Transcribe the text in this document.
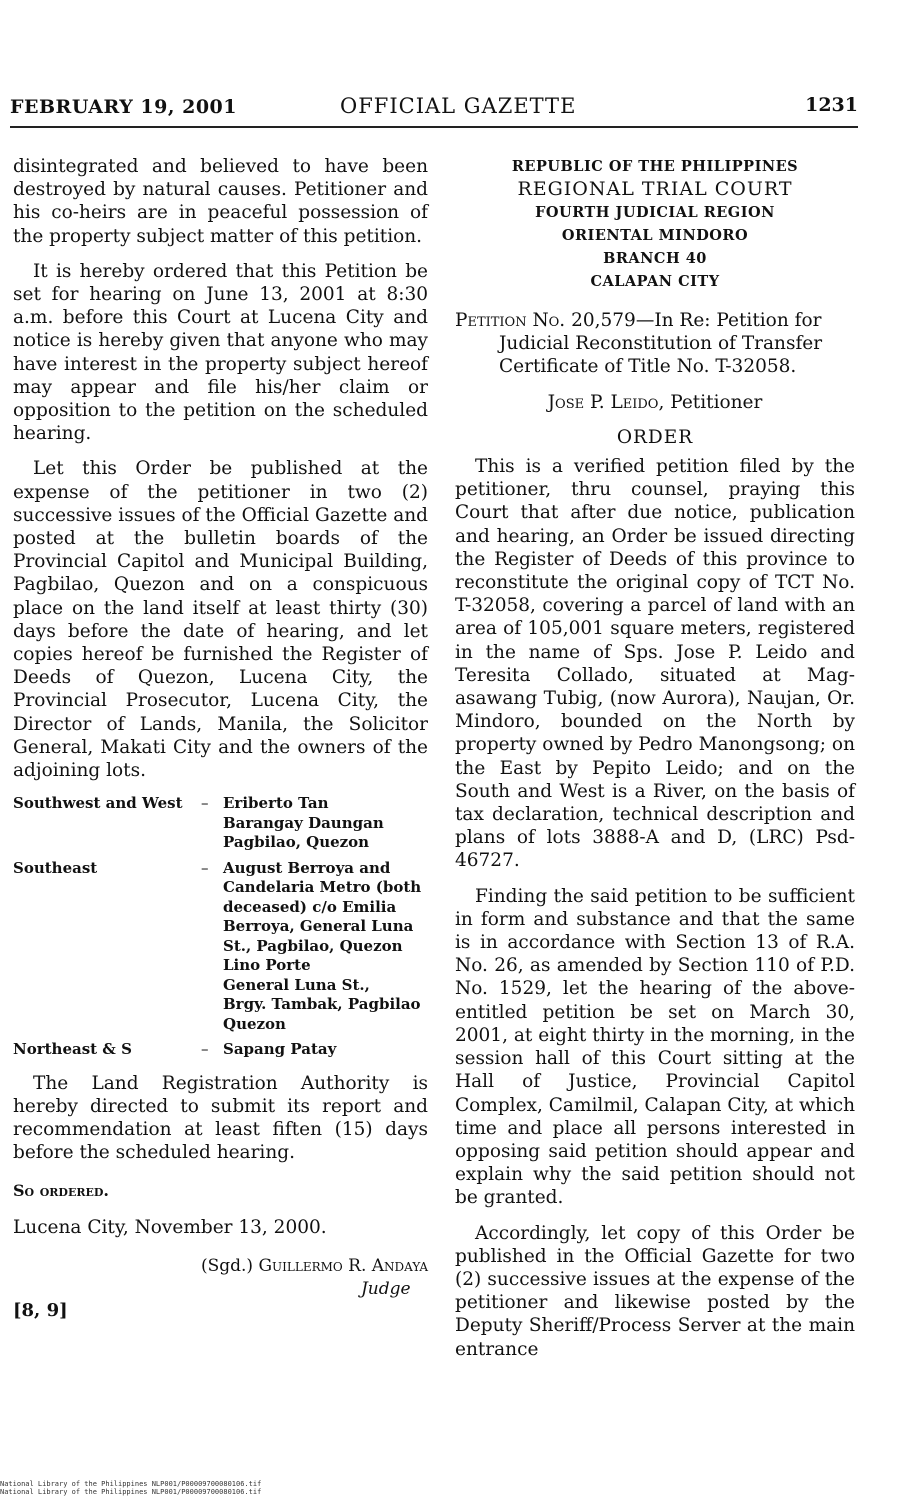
FEBRUARY 19, 2001	OFFICIAL GAZETTE	1231

disintegrated and believed to have been destroyed by natural causes. Petitioner and his co-heirs are in peaceful possession of the property subject matter of this petition.

It is hereby ordered that this Petition be set for hearing on June 13, 2001 at 8:30 a.m. before this Court at Lucena City and notice is hereby given that anyone who may have interest in the property subject hereof may appear and file his/her claim or opposition to the petition on the scheduled hearing.

Let this Order be published at the expense of the petitioner in two (2) successive issues of the Official Gazette and posted at the bulletin boards of the Provincial Capitol and Municipal Building, Pagbilao, Quezon and on a conspicuous place on the land itself at least thirty (30) days before the date of hearing, and let copies hereof be furnished the Register of Deeds of Quezon, Lucena City, the Provincial Prosecutor, Lucena City, the Director of Lands, Manila, the Solicitor General, Makati City and the owners of the adjoining lots.

Southwest and West	– Eriberto Tan
Barangay Daungan
Pagbilao, Quezon
Southeast	– August Berroya and
Candelaria Metro (both
deceased) c/o Emilia
Berroya, General Luna
St., Pagbilao, Quezon
Lino Porte
General Luna St.,
Brgy. Tambak, Pagbilao
Quezon
Northeast & S	– Sapang Patay

The Land Registration Authority is hereby directed to submit its report and recommendation at least fiften (15) days before the scheduled hearing.

So ordered.
Lucena City, November 13, 2000.
(Sgd.) Guillermo R. Andaya
Judge
[8, 9]
REPUBLIC OF THE PHILIPPINES
REGIONAL TRIAL COURT
FOURTH JUDICIAL REGION
ORIENTAL MINDORO
BRANCH 40
CALAPAN CITY
Petition No. 20,579—In Re: Petition for Judicial Reconstitution of Transfer Certificate of Title No. T-32058.
Jose P. Leido, Petitioner
ORDER

This is a verified petition filed by the petitioner, thru counsel, praying this Court that after due notice, publication and hearing, an Order be issued directing the Register of Deeds of this province to reconstitute the original copy of TCT No. T-32058, covering a parcel of land with an area of 105,001 square meters, registered in the name of Sps. Jose P. Leido and Teresita Collado, situated at Mag-asawang Tubig, (now Aurora), Naujan, Or. Mindoro, bounded on the North by property owned by Pedro Manongsong; on the East by Pepito Leido; and on the South and West is a River, on the basis of tax declaration, technical description and plans of lots 3888-A and D, (LRC) Psd-46727.

Finding the said petition to be sufficient in form and substance and that the same is in accordance with Section 13 of R.A. No. 26, as amended by Section 110 of P.D. No. 1529, let the hearing of the above-entitled petition be set on March 30, 2001, at eight thirty in the morning, in the session hall of this Court sitting at the Hall of Justice, Provincial Capitol Complex, Camilmil, Calapan City, at which time and place all persons interested in opposing said petition should appear and explain why the said petition should not be granted.

Accordingly, let copy of this Order be published in the Official Gazette for two (2) successive issues at the expense of the petitioner and likewise posted by the Deputy Sheriff/Process Server at the main entrance

National Library of the Philippines NLP001/P00009700080106.tif
National Library of the Philippines NLP001/P00009700080106.tif
